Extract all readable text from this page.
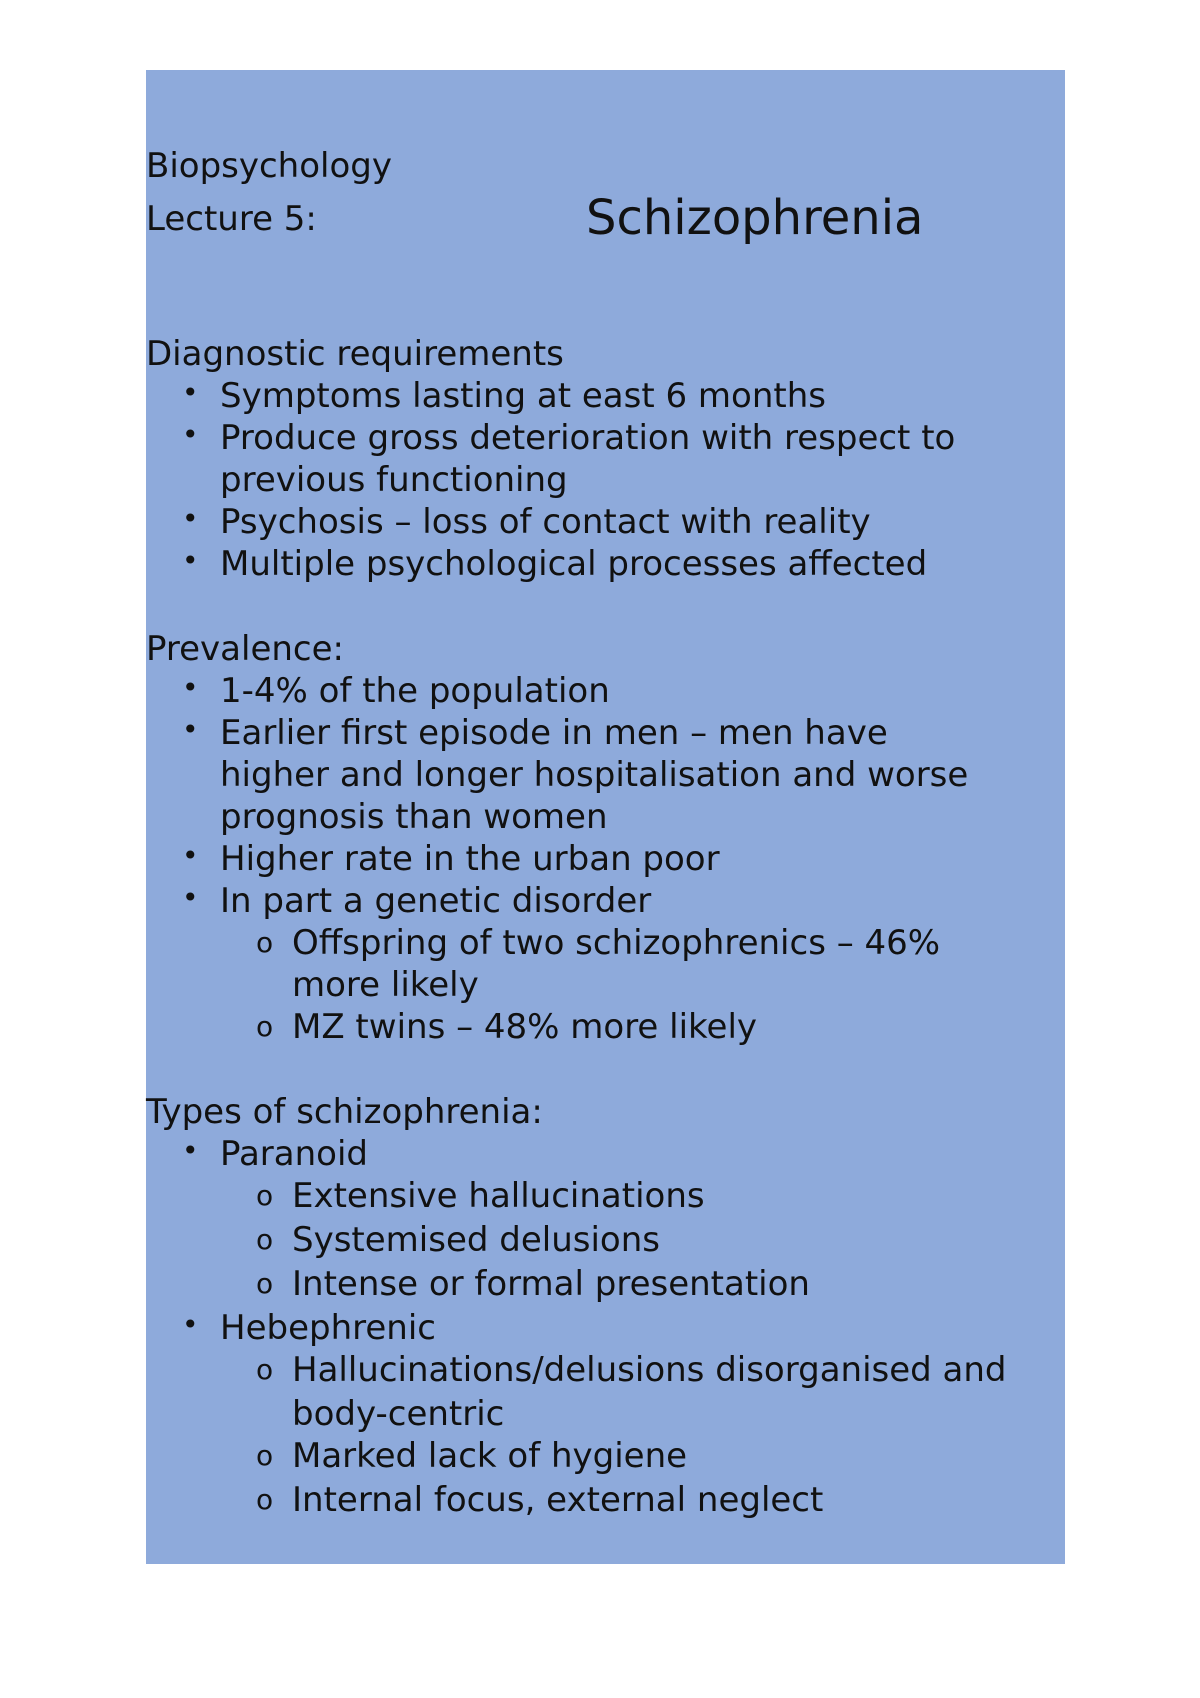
Biopsychology
Lecture 5:	Schizophrenia
Diagnostic requirements
• Symptoms lasting at east 6 months
• Produce gross deterioration with respect to
previous functioning
• Psychosis – loss of contact with reality
• Multiple psychological processes affected
Prevalence:
• 1-4% of the population
• Earlier first episode in men – men have
higher and longer hospitalisation and worse
prognosis than women
• Higher rate in the urban poor
• In part a genetic disorder
o Offspring of two schizophrenics – 46%
more likely
o MZ twins – 48% more likely
Types of schizophrenia:
• Paranoid
o Extensive hallucinations
o Systemised delusions
o Intense or formal presentation
• Hebephrenic
o Hallucinations/delusions disorganised and
body-centric
o Marked lack of hygiene
o Internal focus, external neglect
